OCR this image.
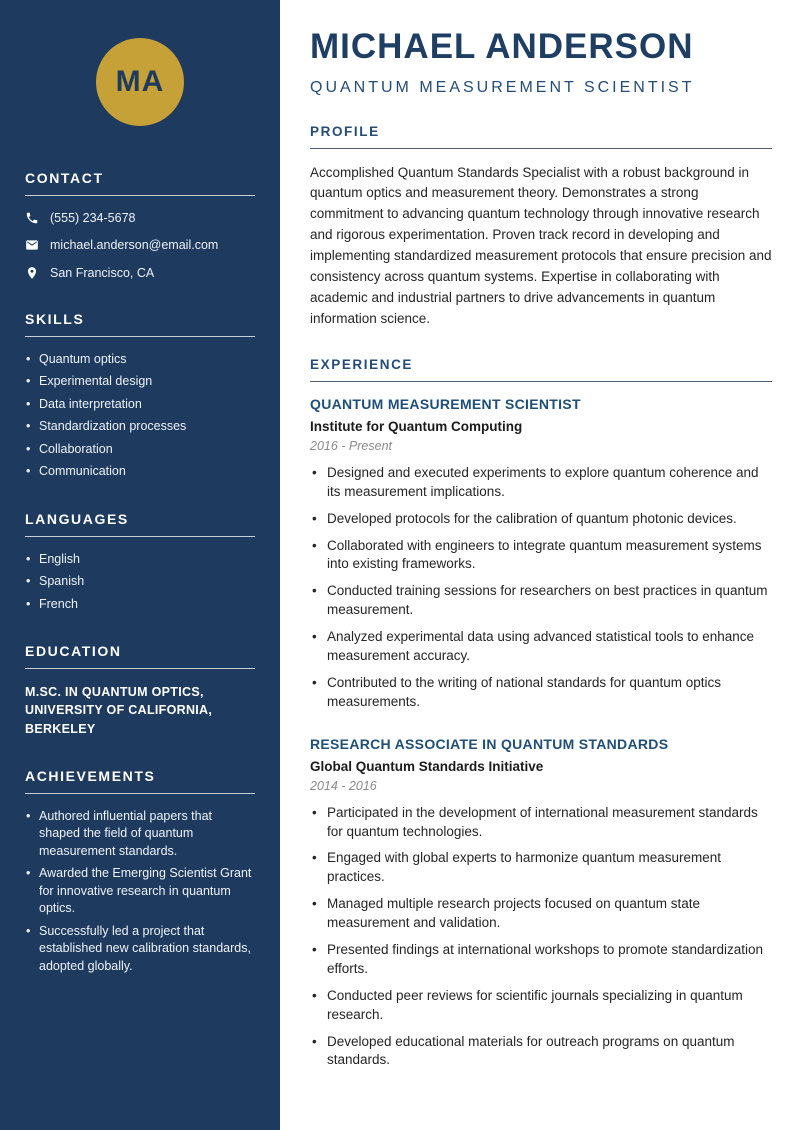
MA
CONTACT
(555) 234-5678
michael.anderson@email.com
San Francisco, CA
SKILLS
• Quantum optics
• Experimental design
• Data interpretation
• Standardization processes
• Collaboration
• Communication
LANGUAGES
• English
• Spanish
• French
EDUCATION
M.SC. IN QUANTUM OPTICS, UNIVERSITY OF CALIFORNIA, BERKELEY
ACHIEVEMENTS
• Authored influential papers that shaped the field of quantum measurement standards.
• Awarded the Emerging Scientist Grant for innovative research in quantum optics.
• Successfully led a project that established new calibration standards, adopted globally.
MICHAEL ANDERSON
QUANTUM MEASUREMENT SCIENTIST
PROFILE

Accomplished Quantum Standards Specialist with a robust background in quantum optics and measurement theory. Demonstrates a strong commitment to advancing quantum technology through innovative research and rigorous experimentation. Proven track record in developing and implementing standardized measurement protocols that ensure precision and consistency across quantum systems. Expertise in collaborating with academic and industrial partners to drive advancements in quantum information science.

EXPERIENCE
QUANTUM MEASUREMENT SCIENTIST
Institute for Quantum Computing
2016 - Present
• Designed and executed experiments to explore quantum coherence and its measurement implications.
• Developed protocols for the calibration of quantum photonic devices.
• Collaborated with engineers to integrate quantum measurement systems into existing frameworks.
• Conducted training sessions for researchers on best practices in quantum measurement.
• Analyzed experimental data using advanced statistical tools to enhance measurement accuracy.
• Contributed to the writing of national standards for quantum optics measurements.
RESEARCH ASSOCIATE IN QUANTUM STANDARDS
Global Quantum Standards Initiative
2014 - 2016
• Participated in the development of international measurement standards for quantum technologies.
• Engaged with global experts to harmonize quantum measurement practices.
• Managed multiple research projects focused on quantum state measurement and validation.
• Presented findings at international workshops to promote standardization efforts.
• Conducted peer reviews for scientific journals specializing in quantum research.
• Developed educational materials for outreach programs on quantum standards.
